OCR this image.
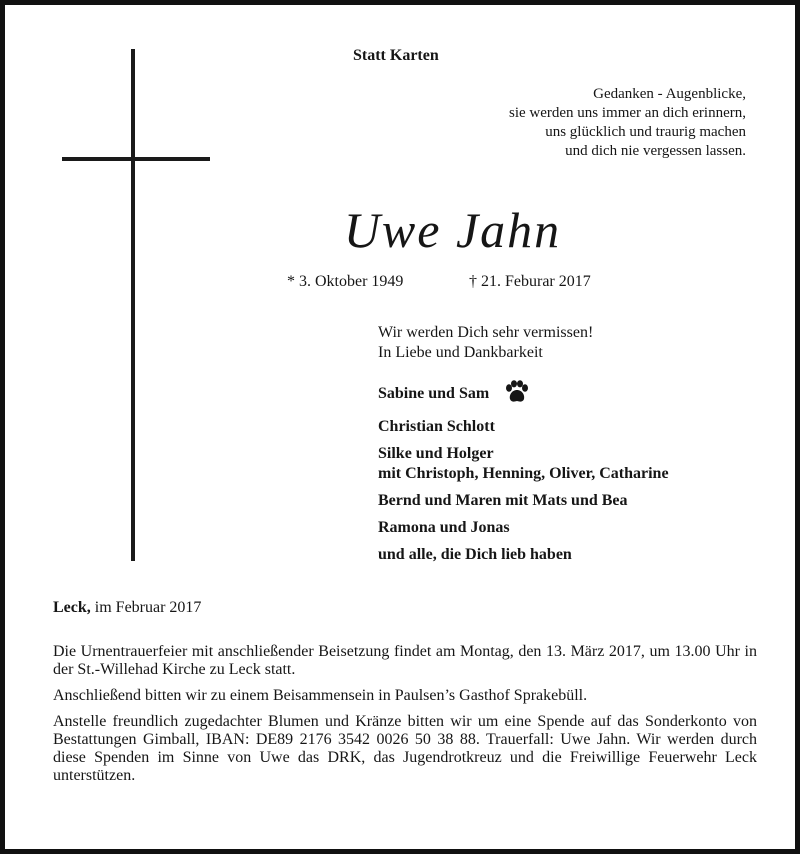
Statt Karten
Gedanken - Augenblicke,
sie werden uns immer an dich erinnern,
uns glücklich und traurig machen
und dich nie vergessen lassen.
Uwe Jahn
* 3. Oktober 1949	† 21. Feburar 2017
Wir werden Dich sehr vermissen!
In Liebe und Dankbarkeit
Sabine und Sam
Christian Schlott
Silke und Holger
mit Christoph, Henning, Oliver, Catharine
Bernd und Maren mit Mats und Bea
Ramona und Jonas
und alle, die Dich lieb haben
Leck, im Februar 2017

Die Urnentrauerfeier mit anschließender Beisetzung findet am Montag, den 13. März 2017, um 13.00 Uhr in der St.-Willehad Kirche zu Leck statt.

Anschließend bitten wir zu einem Beisammensein in Paulsen’s Gasthof Sprakebüll.

Anstelle freundlich zugedachter Blumen und Kränze bitten wir um eine Spende auf das Sonderkonto von Bestattungen Gimball, IBAN: DE89 2176 3542 0026 50 38 88. Trauerfall: Uwe Jahn. Wir werden durch diese Spenden im Sinne von Uwe das DRK, das Jugendrotkreuz und die Freiwillige Feuerwehr Leck unterstützen.
